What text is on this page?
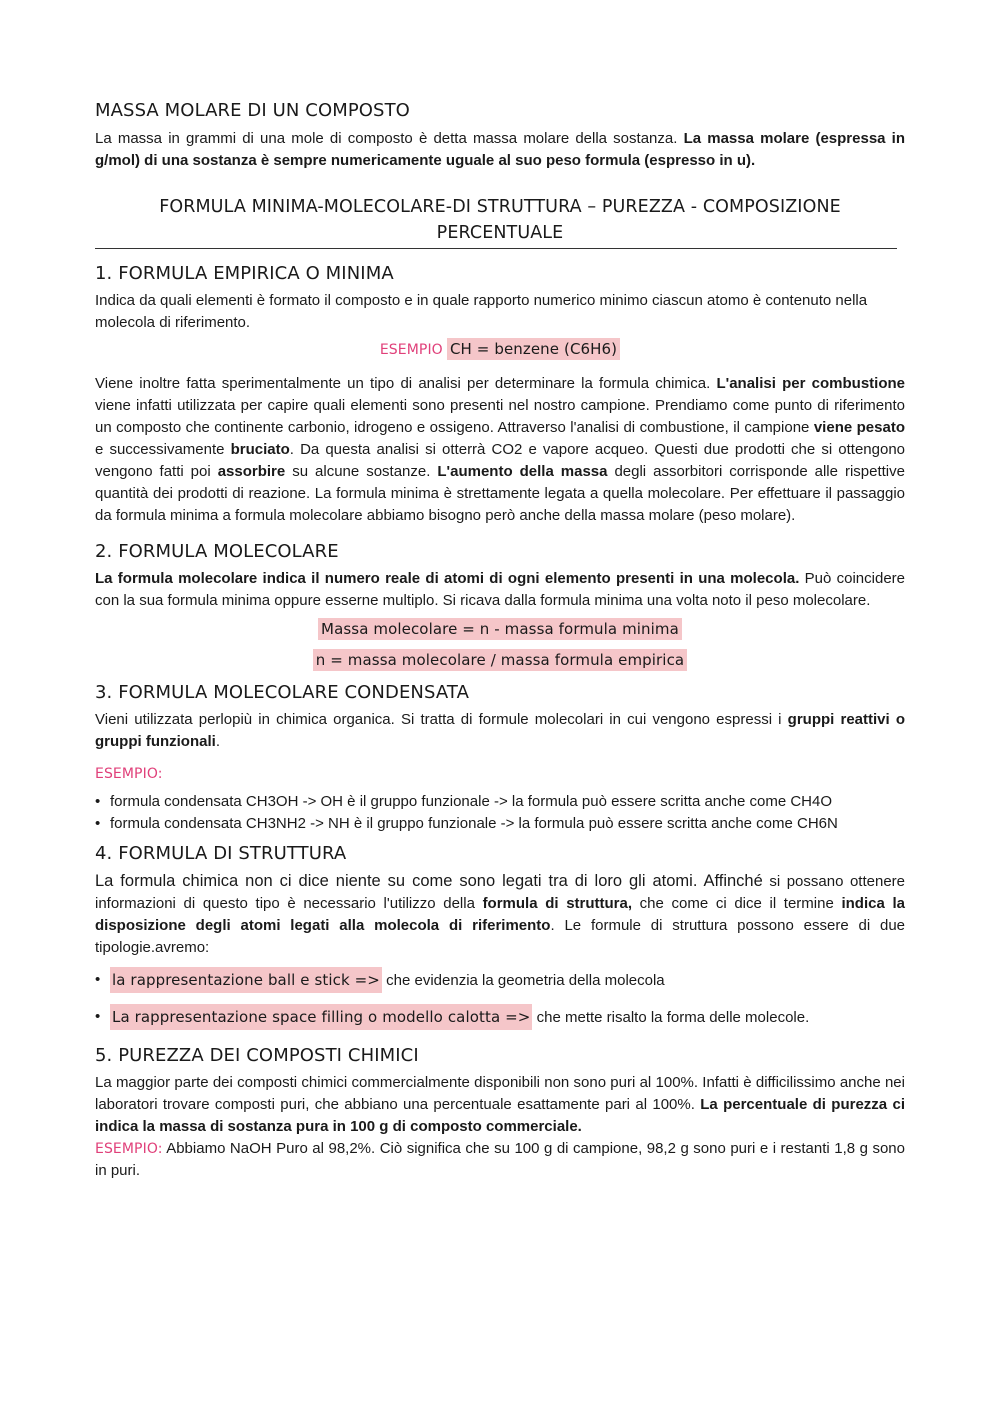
MASSA MOLARE DI UN COMPOSTO

La massa in grammi di una mole di composto è detta massa molare della sostanza. La massa molare (espressa in g/mol) di una sostanza è sempre numericamente uguale al suo peso formula (espresso in u).

FORMULA MINIMA-MOLECOLARE-DI STRUTTURA – PUREZZA - COMPOSIZIONE PERCENTUALE
1. FORMULA EMPIRICA O MINIMA

Indica da quali elementi è formato il composto e in quale rapporto numerico minimo ciascun atomo è contenuto nella molecola di riferimento.

ESEMPIO CH = benzene (C6H6)

Viene inoltre fatta sperimentalmente un tipo di analisi per determinare la formula chimica. L'analisi per combustione viene infatti utilizzata per capire quali elementi sono presenti nel nostro campione. Prendiamo come punto di riferimento un composto che continente carbonio, idrogeno e ossigeno. Attraverso l'analisi di combustione, il campione viene pesato e successivamente bruciato. Da questa analisi si otterrà CO2 e vapore acqueo. Questi due prodotti che si ottengono vengono fatti poi assorbire su alcune sostanze. L'aumento della massa degli assorbitori corrisponde alle rispettive quantità dei prodotti di reazione. La formula minima è strettamente legata a quella molecolare. Per effettuare il passaggio da formula minima a formula molecolare abbiamo bisogno però anche della massa molare (peso molare).

2. FORMULA MOLECOLARE

La formula molecolare indica il numero reale di atomi di ogni elemento presenti in una molecola. Può coincidere con la sua formula minima oppure esserne multiplo. Si ricava dalla formula minima una volta noto il peso molecolare.

Massa molecolare = n - massa formula minima
n = massa molecolare / massa formula empirica
3. FORMULA MOLECOLARE CONDENSATA

Vieni utilizzata perlopiù in chimica organica. Si tratta di formule molecolari in cui vengono espressi i gruppi reattivi o gruppi funzionali.

ESEMPIO:
• formula condensata CH3OH -> OH è il gruppo funzionale -> la formula può essere scritta anche come CH4O
• formula condensata CH3NH2 -> NH è il gruppo funzionale -> la formula può essere scritta anche come CH6N
4. FORMULA DI STRUTTURA

La formula chimica non ci dice niente su come sono legati tra di loro gli atomi. Affinché si possano ottenere informazioni di questo tipo è necessario l'utilizzo della formula di struttura, che come ci dice il termine indica la disposizione degli atomi legati alla molecola di riferimento. Le formule di struttura possono essere di due tipologie.avremo:

• la rappresentazione ball e stick => che evidenzia la geometria della molecola
• La rappresentazione space filling o modello calotta => che mette risalto la forma delle molecole.
5. PUREZZA DEI COMPOSTI CHIMICI

La maggior parte dei composti chimici commercialmente disponibili non sono puri al 100%. Infatti è difficilissimo anche nei laboratori trovare composti puri, che abbiano una percentuale esattamente pari al 100%. La percentuale di purezza ci indica la massa di sostanza pura in 100 g di composto commerciale.

ESEMPIO: Abbiamo NaOH Puro al 98,2%. Ciò significa che su 100 g di campione, 98,2 g sono puri e i restanti 1,8 g sono in puri.
